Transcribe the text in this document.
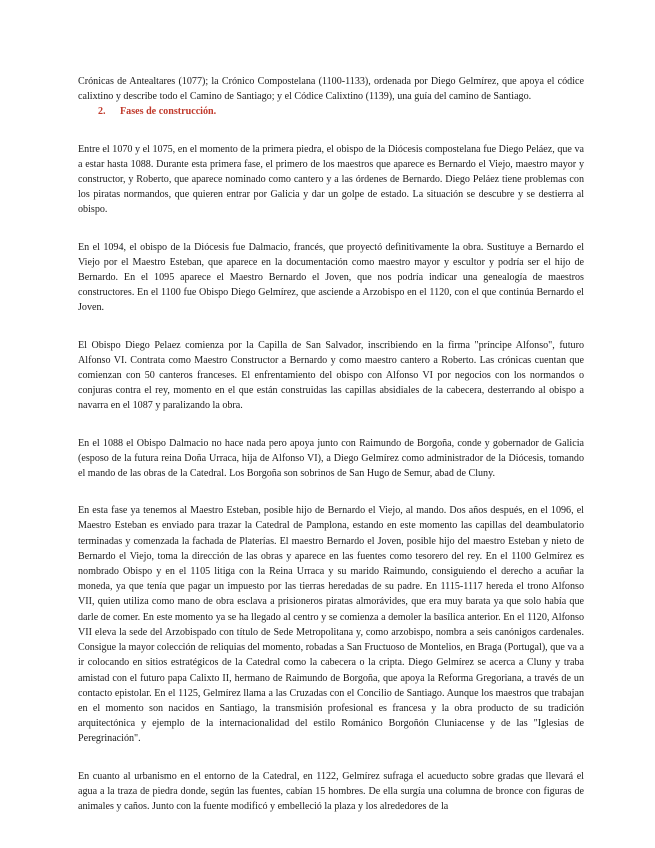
Crónicas de Antealtares (1077); la Crónico Compostelana (1100-1133), ordenada por Diego Gelmírez, que apoya el códice calixtino y describe todo el Camino de Santiago; y el Códice Calixtino (1139), una guía del camino de Santiago.

2. Fases de construcción.

Entre el 1070 y el 1075, en el momento de la primera piedra, el obispo de la Diócesis compostelana fue Diego Peláez, que va a estar hasta 1088. Durante esta primera fase, el primero de los maestros que aparece es Bernardo el Viejo, maestro mayor y constructor, y Roberto, que aparece nominado como cantero y a las órdenes de Bernardo. Diego Peláez tiene problemas con los piratas normandos, que quieren entrar por Galicia y dar un golpe de estado. La situación se descubre y se destierra al obispo.

En el 1094, el obispo de la Diócesis fue Dalmacio, francés, que proyectó definitivamente la obra. Sustituye a Bernardo el Viejo por el Maestro Esteban, que aparece en la documentación como maestro mayor y escultor y podría ser el hijo de Bernardo. En el 1095 aparece el Maestro Bernardo el Joven, que nos podría indicar una genealogía de maestros constructores. En el 1100 fue Obispo Diego Gelmírez, que asciende a Arzobispo en el 1120, con el que continúa Bernardo el Joven.

El Obispo Diego Pelaez comienza por la Capilla de San Salvador, inscribiendo en la firma "príncipe Alfonso", futuro Alfonso VI. Contrata como Maestro Constructor a Bernardo y como maestro cantero a Roberto. Las crónicas cuentan que comienzan con 50 canteros franceses. El enfrentamiento del obispo con Alfonso VI por negocios con los normandos o conjuras contra el rey, momento en el que están construidas las capillas absidiales de la cabecera, desterrando al obispo a navarra en el 1087 y paralizando la obra.

En el 1088 el Obispo Dalmacio no hace nada pero apoya junto con Raimundo de Borgoña, conde y gobernador de Galicia (esposo de la futura reina Doña Urraca, hija de Alfonso VI), a Diego Gelmírez como administrador de la Diócesis, tomando el mando de las obras de la Catedral. Los Borgoña son sobrinos de San Hugo de Semur, abad de Cluny.

En esta fase ya tenemos al Maestro Esteban, posible hijo de Bernardo el Viejo, al mando. Dos años después, en el 1096, el Maestro Esteban es enviado para trazar la Catedral de Pamplona, estando en este momento las capillas del deambulatorio terminadas y comenzada la fachada de Platerías. El maestro Bernardo el Joven, posible hijo del maestro Esteban y nieto de Bernardo el Viejo, toma la dirección de las obras y aparece en las fuentes como tesorero del rey. En el 1100 Gelmírez es nombrado Obispo y en el 1105 litiga con la Reina Urraca y su marido Raimundo, consiguiendo el derecho a acuñar la moneda, ya que tenía que pagar un impuesto por las tierras heredadas de su padre. En 1115-1117 hereda el trono Alfonso VII, quien utiliza como mano de obra esclava a prisioneros piratas almorávides, que era muy barata ya que solo había que darle de comer. En este momento ya se ha llegado al centro y se comienza a demoler la basílica anterior. En el 1120, Alfonso VII eleva la sede del Arzobispado con título de Sede Metropolitana y, como arzobispo, nombra a seis canónigos cardenales. Consigue la mayor colección de reliquias del momento, robadas a San Fructuoso de Montelios, en Braga (Portugal), que va a ir colocando en sitios estratégicos de la Catedral como la cabecera o la cripta. Diego Gelmírez se acerca a Cluny y traba amistad con el futuro papa Calixto II, hermano de Raimundo de Borgoña, que apoya la Reforma Gregoriana, a través de un contacto epistolar. En el 1125, Gelmírez llama a las Cruzadas con el Concilio de Santiago. Aunque los maestros que trabajan en el momento son nacidos en Santiago, la transmisión profesional es francesa y la obra producto de su tradición arquitectónica y ejemplo de la internacionalidad del estilo Románico Borgoñón Cluniacense y de las "Iglesias de Peregrinación".

En cuanto al urbanismo en el entorno de la Catedral, en 1122, Gelmírez sufraga el acueducto sobre gradas que llevará el agua a la traza de piedra donde, según las fuentes, cabían 15 hombres. De ella surgía una columna de bronce con figuras de animales y caños. Junto con la fuente modificó y embelleció la plaza y los alrededores de la
